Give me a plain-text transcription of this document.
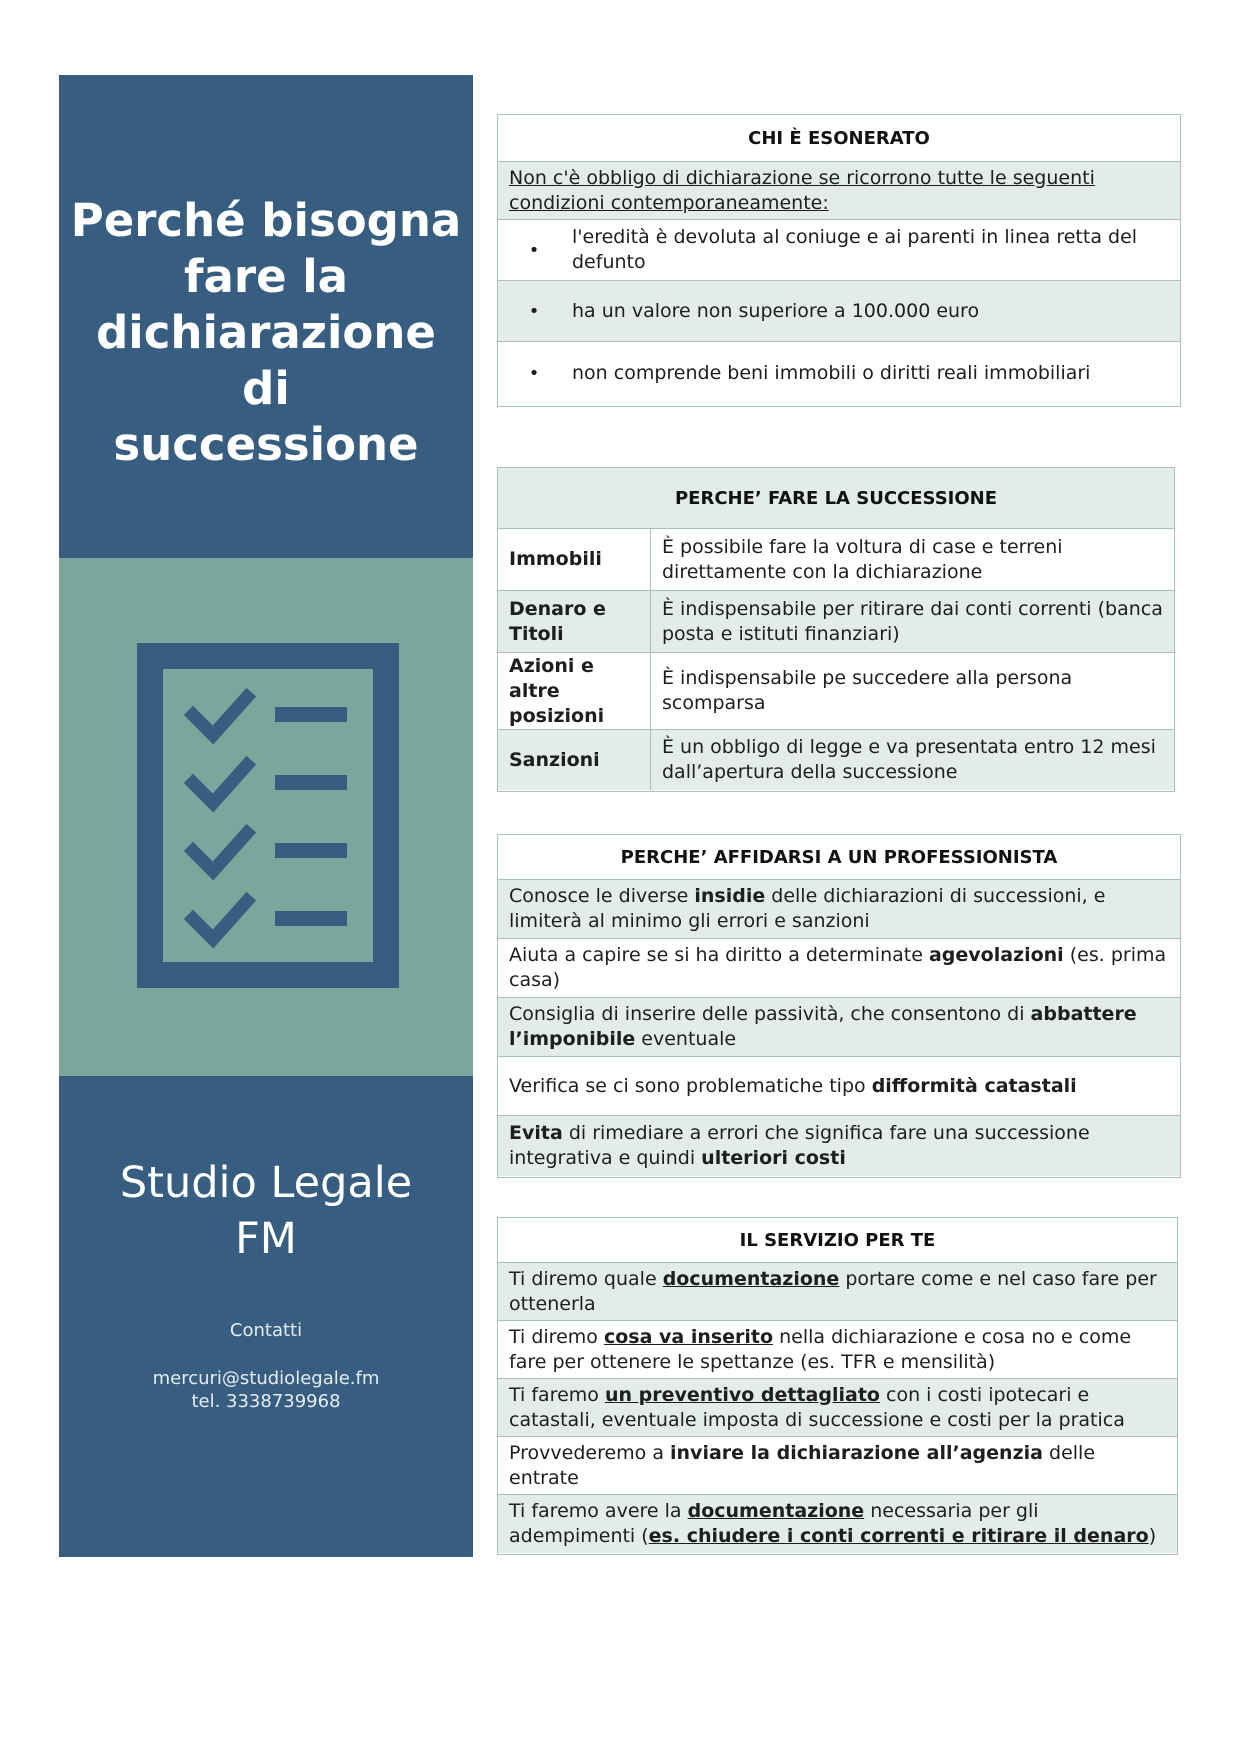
Perché bisogna
fare la
dichiarazione di
successione
Studio Legale
FM
Contatti
mercuri@studiolegale.fm
tel. 3338739968
CHI È ESONERATO
Non c'è obbligo di dichiarazione se ricorrono tutte le seguenti condizioni contemporaneamente:
•
l'eredità è devoluta al coniuge e ai parenti in linea retta del defunto
•	ha un valore non superiore a 100.000 euro
•	non comprende beni immobili o diritti reali immobiliari
PERCHE’ FARE LA SUCCESSIONE
Immobili
È possibile fare la voltura di case e terreni direttamente con la dichiarazione
Denaro e Titoli
È indispensabile per ritirare dai conti correnti (banca posta e istituti finanziari)
Azioni e altre posizioni
È indispensabile pe succedere alla persona scomparsa
Sanzioni
È un obbligo di legge e va presentata entro 12 mesi dall’apertura della successione
PERCHE’ AFFIDARSI A UN PROFESSIONISTA
Conosce le diverse insidie delle dichiarazioni di successioni, e limiterà al minimo gli errori e sanzioni
Aiuta a capire se si ha diritto a determinate agevolazioni (es. prima casa)
Consiglia di inserire delle passività, che consentono di abbattere l’imponibile eventuale
Verifica se ci sono problematiche tipo difformità catastali
Evita di rimediare a errori che significa fare una successione integrativa e quindi ulteriori costi
IL SERVIZIO PER TE
Ti diremo quale documentazione portare come e nel caso fare per ottenerla
Ti diremo cosa va inserito nella dichiarazione e cosa no e come fare per ottenere le spettanze (es. TFR e mensilità)
Ti faremo un preventivo dettagliato con i costi ipotecari e catastali, eventuale imposta di successione e costi per la pratica
Provvederemo a inviare la dichiarazione all’agenzia delle entrate
Ti faremo avere la documentazione necessaria per gli adempimenti (es. chiudere i conti correnti e ritirare il denaro)
